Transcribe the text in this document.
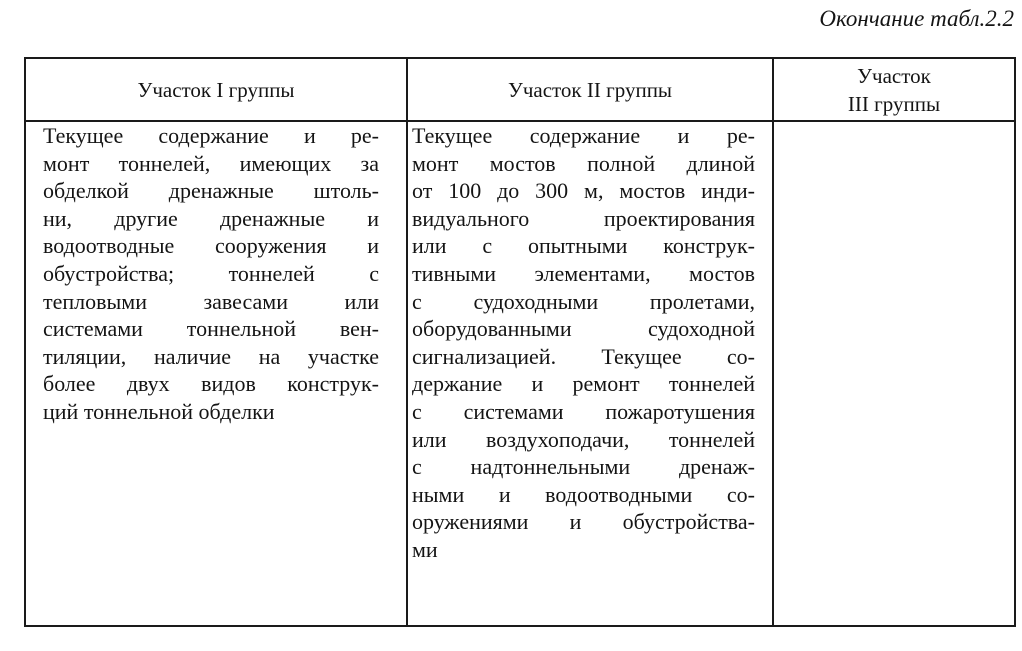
Окончание табл.2.2
Участок I группы	Участок II группы
Участок
III группы
Текущее содержание и ре-
монт тоннелей, имеющих за
обделкой дренажные штоль-
ни, другие дренажные и
водоотводные сооружения и
обустройства; тоннелей с
тепловыми завесами или
системами тоннельной вен-
тиляции, наличие на участке
более двух видов конструк-
ций тоннельной обделки
Текущее содержание и ре-
монт мостов полной длиной
от 100 до 300 м, мостов инди-
видуального проектирования
или с опытными конструк-
тивными элементами, мостов
с судоходными пролетами,
оборудованными судоходной
сигнализацией. Текущее со-
держание и ремонт тоннелей
с системами пожаротушения
или воздухоподачи, тоннелей
с надтоннельными дренаж-
ными и водоотводными со-
оружениями и обустройства-
ми
